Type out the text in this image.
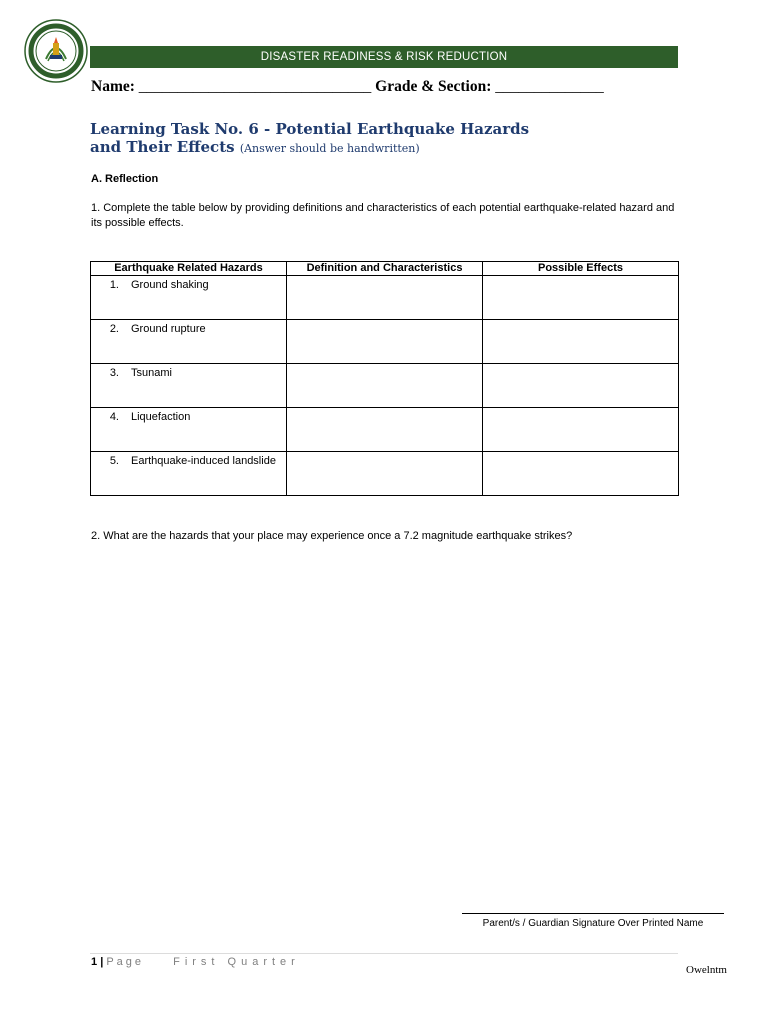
DISASTER READINESS & RISK REDUCTION
Name: ______________________________ Grade & Section: ______________
Learning Task No. 6 - Potential Earthquake Hazards
and Their Effects (Answer should be handwritten)
A. Reflection
1. Complete the table below by providing definitions and characteristics of each potential earthquake-related hazard and its possible effects.
Earthquake Related Hazards	Definition and Characteristics	Possible Effects

1. Ground shaking		

2. Ground rupture		

3. Tsunami		

4. Liquefaction		

5. Earthquake-induced landslide		

2. What are the hazards that your place may experience once a 7.2 magnitude earthquake strikes?
Parent/s / Guardian Signature Over Printed Name
1 | Page	First Quarter
Owelntm
